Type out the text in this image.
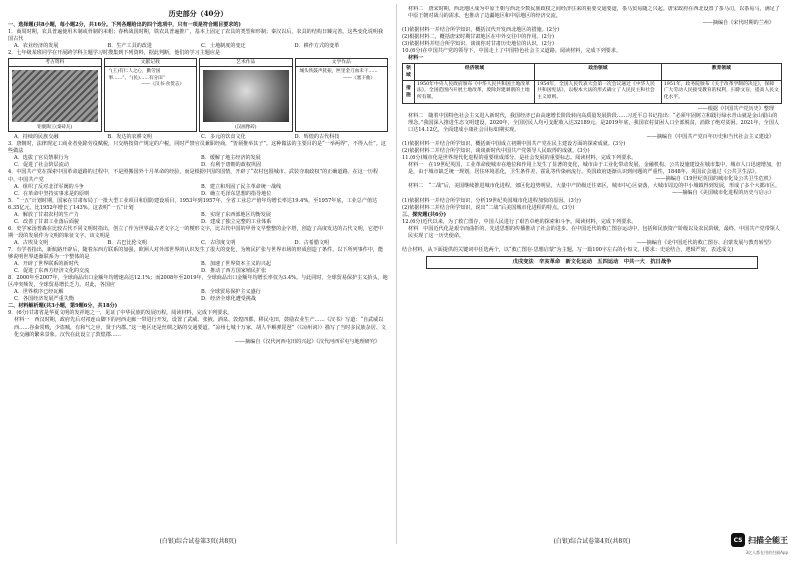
历史部分（40分）

一、选择题(共8小题，每小题2分，共16分。下列各题给出的四个选项中，只有一项是符合题目要求的)

1．商周时期，农具普遍使用木制或骨制的耒耜；春秋战国时期，铁农具普遍推广，基本上固定了农具的类型和形制；秦汉以后，农具的结构日臻完善。这些变化说明我国古代

A．农业经济的发展	B．生产工具的改进	C．土地制度的变迁	D．耕作方式的变革

2．七年级某班同学在开展跨学科主题学习时搜集到下列资料，据此判断，他们的学习主题应是

考古资料
钜鹿陶工(秦砖瓦)
文献记载

“(王)有仁人之心，勤劳国事……”。“(民)……有分田”

——《汉书·食货志》

艺术作品
(汉画像砖)
文学作品

城头铁鼓声犹振，匣里金刀血未干……

——《塞下曲》

A．持续的民族交融	B．发达的农耕文明	C．多元的饮食文化	D．辉煌的古代科技

3．唐朝时，法律规定工商业者免除劳役赋税，只交纳按资产规定的户税，同时严禁官员兼职经商，“皆须推举其子”。这种做法的主要目的是“一举两得”，不得入仕”。这些做法

A．选拔了官员禁职行为	B．缓解了地主经济的发展
C．促进了社会阶层流动	D．有利于唐朝的政权巩固

4．中国共产党在探索中国革命道路的过程中，不是照搬国外十月革命的经验，而是根据中国的国情，开辟了“农村包围城市、武装夺取政权”的正确道路。在这一历程中，中国共产党

A．组织了反对北洋军阀的斗争	B．建立和巩固了民主革命统一战线
C．在革命中坚持实事求是的原则	D．确立毛泽东思想的指导地位

5．“一五”计划时期，国家在甘肃布局了一批大型工业项目和国防建设项目，1953年到1957年，全省工业总产值年均增长率达19.4%，至1957年底，工业总产值达6.35亿元，比1952年增长了143%。这表明“一五”计划

A．解放了甘肃农村的生产力	B．实现了东西部地区均衡发展
C．改善了甘肃工业落后面貌	D．建成了独立完整的工业体系

6．史学家汤普森在比较古代不同文明时指出，创立了作为世界最古老文字之一的楔形文字，比古代中国的甲骨文早整整的金字塔，创造了高度发达的古代文明，它把中期一段的发展作为文明的象征文字。该文明是

A．古埃及文明	B．古巴比伦文明	C．古印度文明	D．古希腊文明

7．有学者指出，新航路开辟后，随着东西方联系的加强，欧洲人对外部世界的认识发生了很大的变化，为殖民扩张与世界市场的形成创造了条件。以下所列事件中，能够说明世界逐渐联系为一个整体的是

A．开辟了世界联系的新时代	B．加速了世界资本主义的兴起
C．促进了东西方经济文化的交流	D．推动了西方国家殖民扩张

8．2000年至2007年，全球商品出口金额年均增速高达12.1%；而2008年至2019年，全球商品出口金额年均增长率仅为3.4%。与此同时，全球贸易保护主义抬头，地区冲突频发，全球贸易增长乏力。对此，各国应

A．世界秩序已经瓦解	B．全球贸易保护主义盛行
C．各国经济发展严重失衡	D．经济全球化遭受挑战

二、材料解析题(共3小题，第9题6分，共18分)

9．(6分)甘肃省是华夏文明的发祥地之一，见证了中华民族的发展历程。阅读材料，完成下列要求。

材料一　西汉时期，政府先后对祁连山脚下的河西走廊一带进行开发，设置了武威、张掖、酒泉、敦煌四郡，移民屯田，鼓励农业生产……《汉书》写道：“自武威以西……谷籴常贱，少盗贼，有和气之应，贤于内郡。”这一地区还是丝绸之路的交通要道。“凉州七城十万家，胡人半解弹琵琶”（《凉州词》）描写了当时多民族杂居、文化交融的繁荣景象。汉代在此设立了敦煌郡……

——摘编自《汉代河西屯田的兴起》《汉代河西军屯与地理研究》

(白银)综合试卷第3页(共8页)

材料二　唐宋时期，西北地区成为中原王朝与西北少数民族政权之间经济往来的重要交通要道，茶马贸易随之兴起。唐宋政府在西北设置了茶马司，以茶易马，满足了中原王朝对战马的需求，也推动了边疆地区和中原地区的经济交流。

——摘编自《宋代时期的兰州》

(1)依据材料一并结合所学知识，概括汉代开发西北地区的措施。(2分)

(2)根据材料二，概括唐宋时期甘肃地区在中外交往中的作用。(2分)

(3)依据材料并结合所学知识，谈谈你对甘肃历史地位的认识。(2分)

10.(6分)在中国共产党的领导下，中国走上了中国特色社会主义道路。阅读材料，完成下列要求。

材料一

领域	经济领域	政治领域	教育领域
措施	1950年中央人民政府颁布《中华人民共和国土地改革法》，全国范围内开展土地改革，废除封建剥削的土地所有制。	1954年，全国人民代表大会第一次会议通过《中华人民共和国宪法》，以根本大法的形式确立了人民民主和社会主义原则。	1951年，政务院颁布《关于改革学制的决定》，保障广大劳动人民接受教育的权利，扫除文盲，提高人民文化水平。

——根据《中国共产党历史》整理

材料二　随着中国特色社会主义进入新时代，我国经济已由高速增长阶段转向高质量发展阶段……习近平总书记指出：“必须牢固树立和践行绿水青山就是金山银山的理念。”我国深入推进生态文明建设，2020年，全国居民人均可支配收入达32189元，是2019年底，我国农村贫困人口全部脱贫，消除了绝对贫困。2021年，全国人口达14.12亿，全面建成小康社会目标如期实现。

——摘编自《中国共产党百年历史和当代社会主义建设》

(1)依据材料一并结合所学知识，概括新中国成立初期中国共产党在民主建设方面的探索成就。(3分)

(2)依据材料二并结合所学知识，谈谈新时代中国共产党领导人民取得的成就。(3分)

11.(6分)城市化是世界现代化进程的重要组成部分，是社会发展的重要标志。阅读材料，完成下列要求。

材料一　在19世纪英国，工业革命使城市在地位和作用上发生了显著的变化，城市由于工业化带动发展，金融机构、公共设施建设在城市集中，城市人口迅速增加，但是，由于城市缺乏统一规划，居住环境恶化，卫生条件差，霍乱等传染病流行。英国政府逐渐认识到问题的严重性，1848年，英国议会通过《公共卫生法》。

——摘编自《19世纪英国的城市化及公共卫生危机》

材料二　“二战”后，美国继续推进城市化进程，郊区化趋势明显，大量中产阶级迁往郊区，城市中心区衰落，大城市周边的中小城镇得到发展，形成了多个大都市区。

——摘编自《美国城市化进程的历史与启示》

(1)依据材料一并结合所学知识，分析19世纪英国城市化进程加快的原因。(3分)

(2)依据材料二并结合所学知识，说出“二战”后美国城市化进程的特点。(3分)

三、探究题(共6分)

12.(6分)近代以来，为了救亡图存，中国人民进行了艰苦卓绝的探索和斗争。阅读材料，完成下列要求。

材料　中国近代化是艰辛而曲折的，先进思想的传播推动了社会的进步。在中国近代的救亡图存运动中，包括和民族资产阶级以及农民阶级，最终，中国共产党带领人民实现了这一历史使命。

——摘编自《论中国近代的救亡图存、启蒙发展与教育转型》

结合材料，从下面提供的关键词中任选两个，以“救亡图存·思想启蒙”为主题，写一篇100字左右的小短文。(要求：史论结合，逻辑严密，表述成文)

戊戌变法　辛亥革命　新文化运动　五四运动　中共一大　抗日战争
(白银)综合试卷第4页(共8页)	CS 扫描全能王
3亿人都在用的扫描App
